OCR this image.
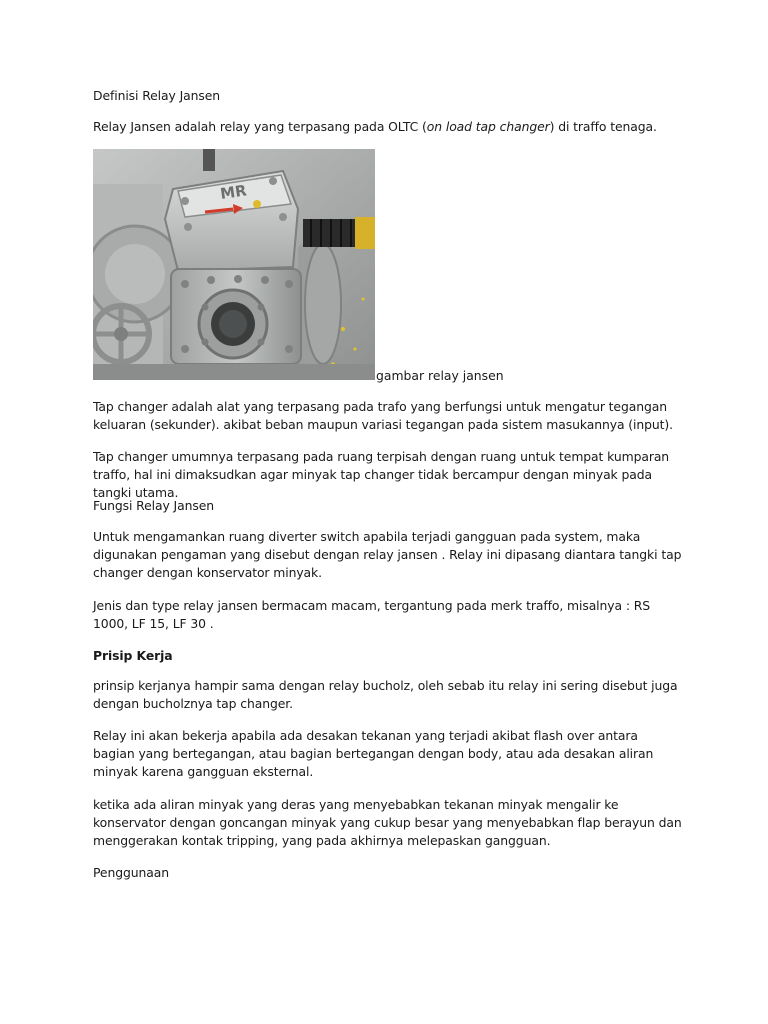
Definisi Relay Jansen

Relay Jansen adalah relay yang terpasang pada OLTC (on load tap changer) di traffo tenaga.

MR

gambar relay jansen

Tap changer adalah alat yang terpasang pada trafo yang berfungsi untuk mengatur tegangan keluaran (sekunder). akibat beban maupun variasi tegangan pada sistem masukannya (input).

Tap changer umumnya terpasang pada ruang terpisah dengan ruang untuk tempat kumparan traffo, hal ini dimaksudkan agar minyak tap changer tidak bercampur dengan minyak pada tangki utama.

Fungsi Relay Jansen

Untuk mengamankan ruang diverter switch apabila terjadi gangguan pada system, maka digunakan pengaman yang disebut dengan relay jansen . Relay ini dipasang diantara tangki tap changer dengan konservator minyak.

Jenis dan type relay jansen bermacam macam, tergantung pada merk traffo, misalnya : RS 1000, LF 15, LF 30 .

Prisip Kerja

prinsip kerjanya hampir sama dengan relay bucholz, oleh sebab itu relay ini sering disebut juga dengan bucholznya tap changer.

Relay ini akan bekerja apabila ada desakan tekanan yang terjadi akibat flash over antara bagian yang bertegangan, atau bagian bertegangan dengan body, atau ada desakan aliran minyak karena gangguan eksternal.

ketika ada aliran minyak yang deras yang menyebabkan tekanan minyak mengalir ke konservator dengan goncangan minyak yang cukup besar yang menyebabkan flap berayun dan menggerakan kontak tripping, yang pada akhirnya melepaskan gangguan.

Penggunaan
